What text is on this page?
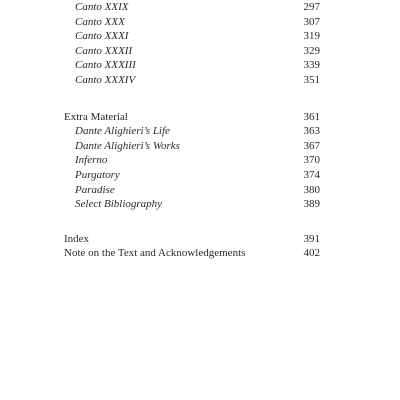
Canto XXIX	297
Canto XXX	307
Canto XXXI	319
Canto XXXII	329
Canto XXXIII	339
Canto XXXIV	351
Extra Material	361
Dante Alighieri’s Life	363
Dante Alighieri’s Works	367
Inferno	370
Purgatory	374
Paradise	380
Select Bibliography	389
Index	391
Note on the Text and Acknowledgements	402
